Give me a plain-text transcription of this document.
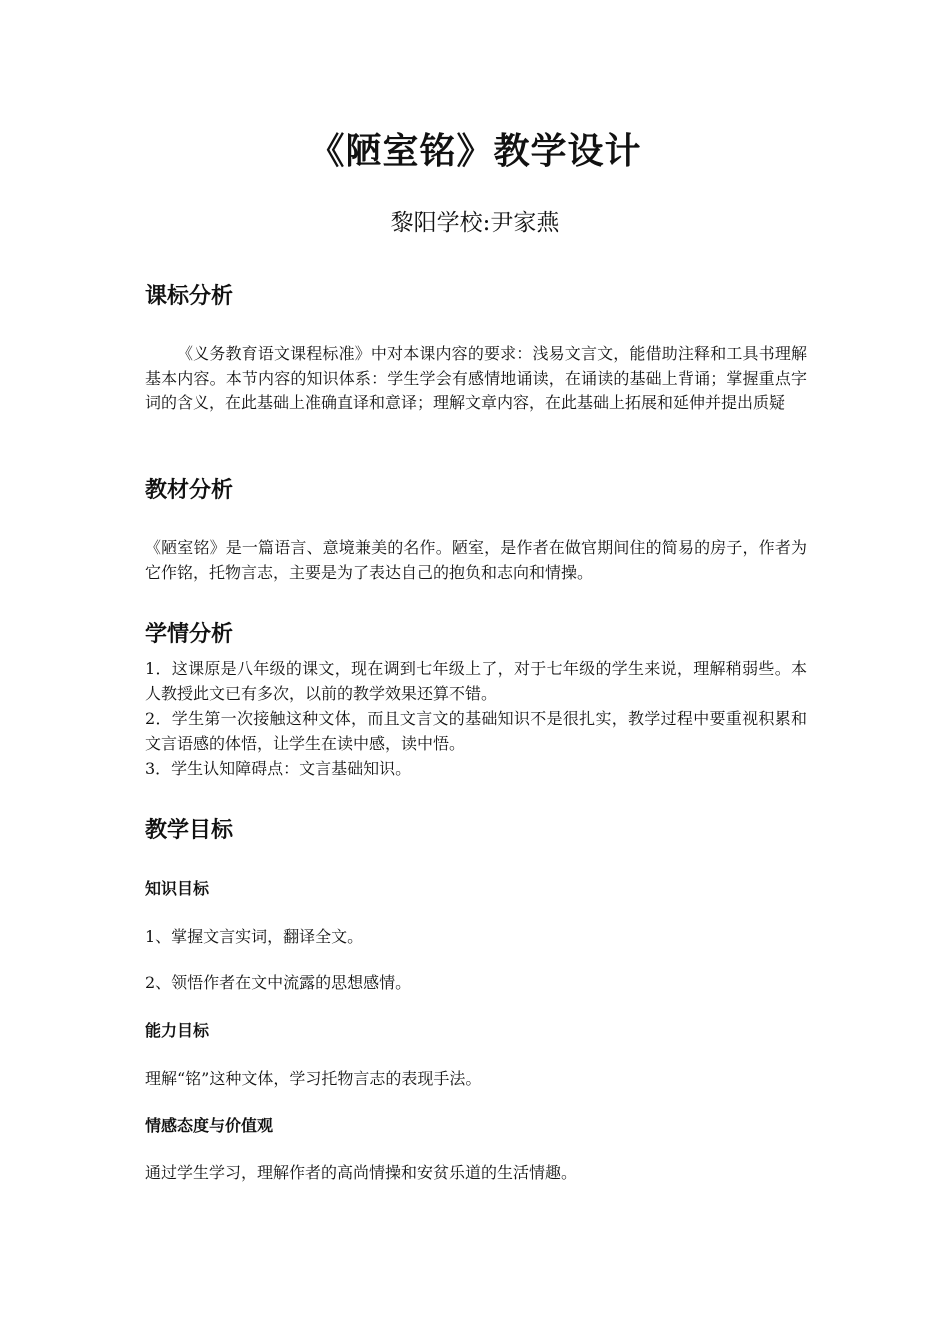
《陋室铭》教学设计

黎阳学校:尹家燕

课标分析

《义务教育语文课程标准》中对本课内容的要求：浅易文言文，能借助注释和工具书理解基本内容。本节内容的知识体系：学生学会有感情地诵读，在诵读的基础上背诵；掌握重点字词的含义，在此基础上准确直译和意译；理解文章内容，在此基础上拓展和延伸并提出质疑

教材分析

《陋室铭》是一篇语言、意境兼美的名作。陋室，是作者在做官期间住的简易的房子，作者为它作铭，托物言志，主要是为了表达自己的抱负和志向和情操。

学情分析

1．这课原是八年级的课文，现在调到七年级上了，对于七年级的学生来说，理解稍弱些。本人教授此文已有多次，以前的教学效果还算不错。

2．学生第一次接触这种文体，而且文言文的基础知识不是很扎实，教学过程中要重视积累和文言语感的体悟，让学生在读中感，读中悟。

3．学生认知障碍点：文言基础知识。

教学目标
知识目标

1、掌握文言实词，翻译全文。

2、领悟作者在文中流露的思想感情。

能力目标

理解“铭”这种文体，学习托物言志的表现手法。

情感态度与价值观

通过学生学习，理解作者的高尚情操和安贫乐道的生活情趣。
